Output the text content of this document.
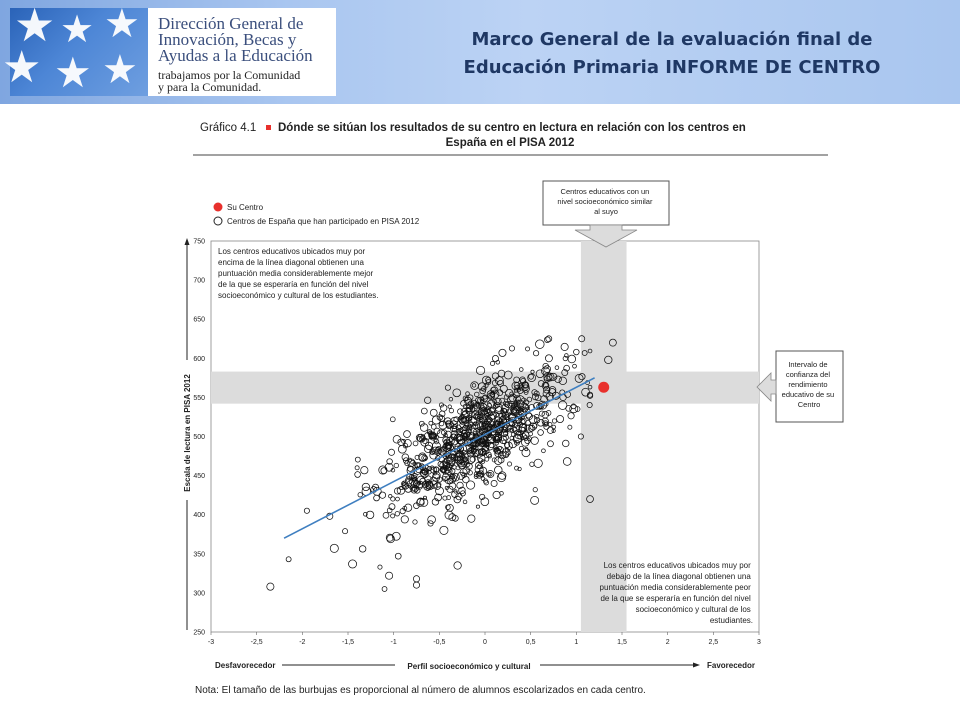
★ ★ ★
★ ★ ★
Dirección General de
Innovación, Becas y
Ayudas a la Educación
trabajamos por la Comunidad
y para la Comunidad.
Marco General de la evaluación final de
Educación Primaria INFORME DE CENTRO
Gráfico 4.1 Dónde se sitúan los resultados de su centro en lectura en relación con los centros en
España en el PISA 2012
Su Centro
Centros de España que han participado en PISA 2012
-3	-2,5	-2	-1,5	-1	-0,5	0	0,5	1	1,5	2	2,5	3
250
300
350
400
450
500
550
600
650
700
750
Escala de lectura en PISA 2012
Desfavorecedor	Perfil socioeconómico y cultural	Favorecedor
Los centros educativos ubicados muy por encima de la línea diagonal obtienen una puntuación media considerablemente mejor de la que se esperaría en función del nivel socioeconómico y cultural de los estudiantes.
Los centros educativos ubicados muy por debajo de la línea diagonal obtienen una puntuación media considerablemente peor de la que se esperaría en función del nivel socioeconómico y cultural de los estudiantes.
Centros educativos con un nivel socioeconómico similar al suyo
Intervalo de confianza del rendimiento educativo de su Centro
Nota: El tamaño de las burbujas es proporcional al número de alumnos escolarizados en cada centro.
